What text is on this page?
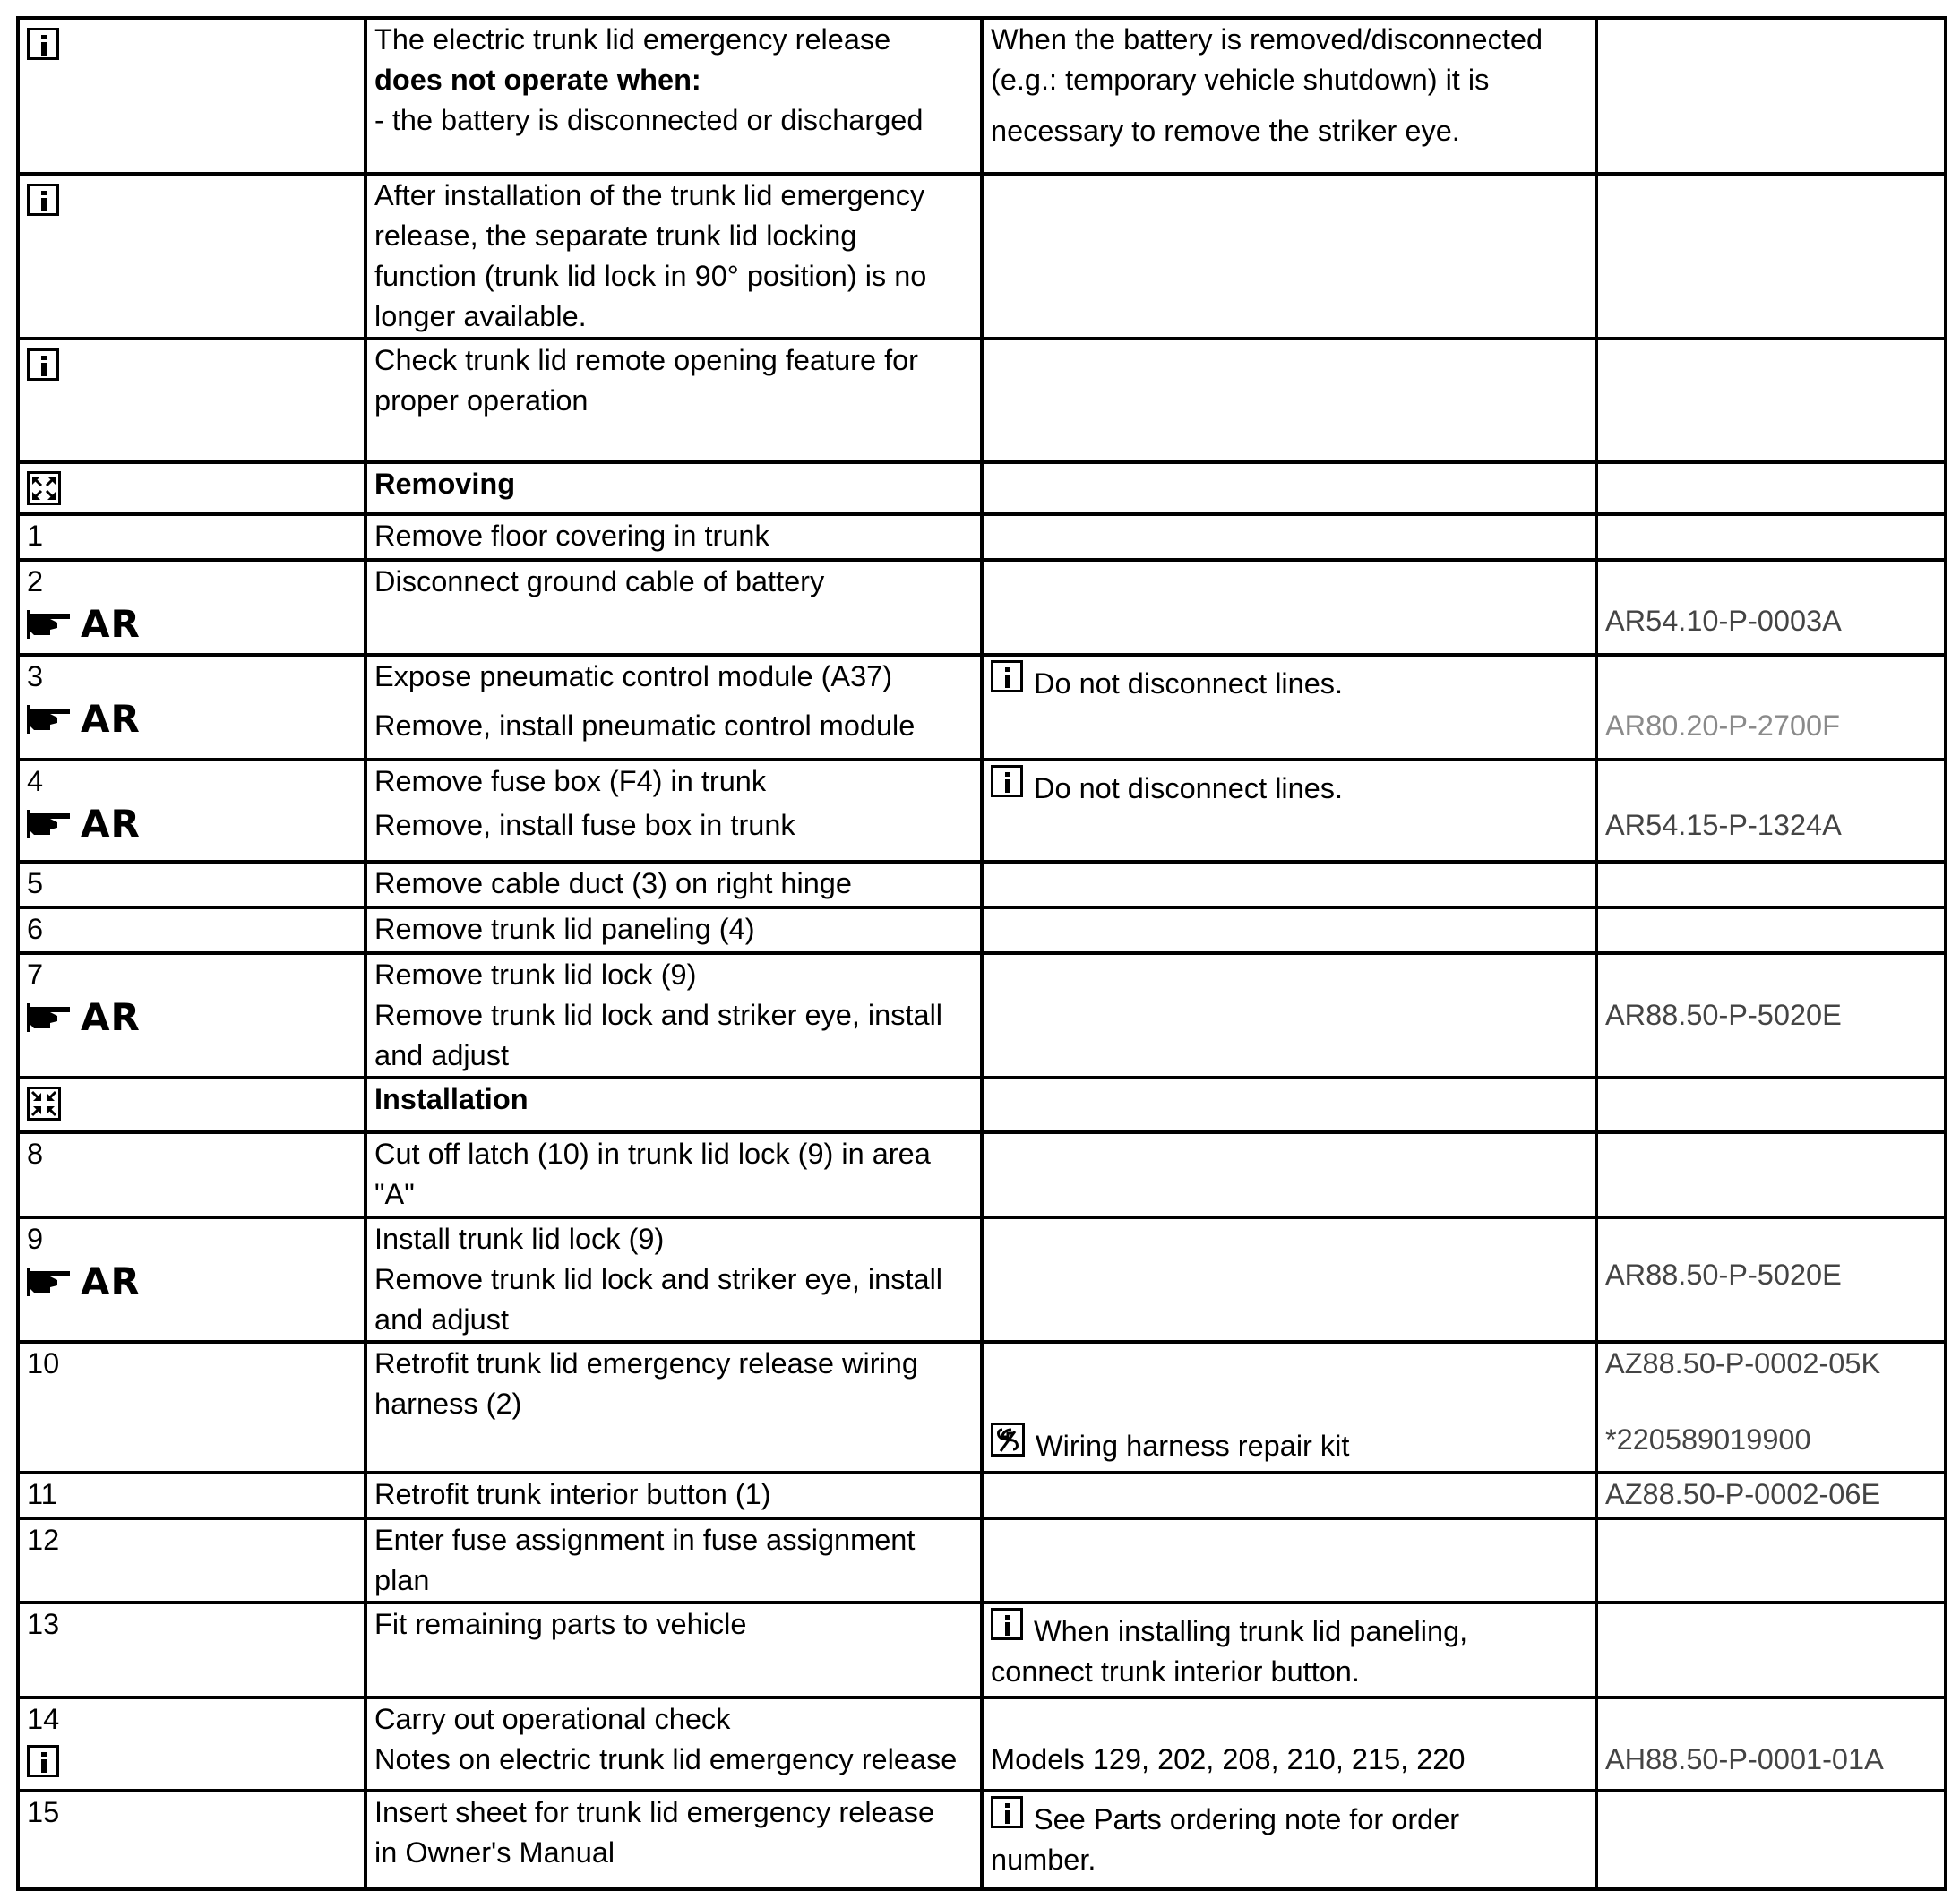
	The electric trunk lid emergency release
does not operate when:
- the battery is disconnected or discharged	When the battery is removed/disconnected
(e.g.: temporary vehicle shutdown) it is
necessary to remove the striker eye.	

	After installation of the trunk lid emergency
release, the separate trunk lid locking
function (trunk lid lock in 90° position) is no
longer available.		

	Check trunk lid remote opening feature for
proper operation		

Removing		

1	Remove floor covering in trunk		

2
AR	Disconnect ground cable of battery		AR54.10-P-0003A

3
AR	Expose pneumatic control module (A37)
Remove, install pneumatic control module	Do not disconnect lines.	AR80.20-P-2700F

4
AR	Remove fuse box (F4) in trunk
Remove, install fuse box in trunk	Do not disconnect lines.	AR54.15-P-1324A

5	Remove cable duct (3) on right hinge		

6	Remove trunk lid paneling (4)		

7
AR	Remove trunk lid lock (9)
Remove trunk lid lock and striker eye, install
and adjust		AR88.50-P-5020E

Installation		

8	Cut off latch (10) in trunk lid lock (9) in area
"A"		

9
AR	Install trunk lid lock (9)
Remove trunk lid lock and striker eye, install
and adjust		AR88.50-P-5020E

10	Retrofit trunk lid emergency release wiring
harness (2)	Wiring harness repair kit	AZ88.50-P-0002-05K
*220589019900

11	Retrofit trunk interior button (1)		AZ88.50-P-0002-06E

12	Enter fuse assignment in fuse assignment
plan		

13	Fit remaining parts to vehicle	When installing trunk lid paneling,
connect trunk interior button.	

14	Carry out operational check
Notes on electric trunk lid emergency release	Models 129, 202, 208, 210, 215, 220	AH88.50-P-0001-01A

15	Insert sheet for trunk lid emergency release
in Owner's Manual	See Parts ordering note for order
number.	
